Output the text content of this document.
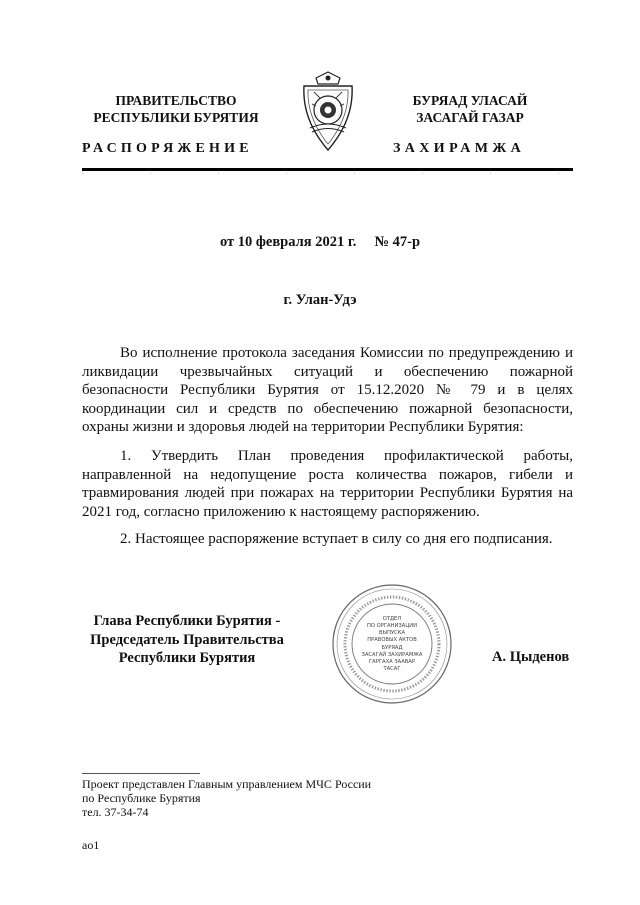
ПРАВИТЕЛЬСТВО
РЕСПУБЛИКИ БУРЯТИЯ
БУРЯАД УЛАСАЙ
ЗАСАГАЙ ГАЗАР
РАСПОРЯЖЕНИЕ	ЗАХИРАМЖА
от 10 февраля 2021 г. № 47-р
г. Улан-Удэ
Во исполнение протокола заседания Комиссии по предупреждению и ликвидации чрезвычайных ситуаций и обеспечению пожарной безопасности Республики Бурятия от 15.12.2020 № 79 и в целях координации сил и средств по обеспечению пожарной безопасности, охраны жизни и здоровья людей на территории Республики Бурятия:
1. Утвердить План проведения профилактической работы, направленной на недопущение роста количества пожаров, гибели и травмирования людей при пожарах на территории Республики Бурятия на 2021 год, согласно приложению к настоящему распоряжению.
2. Настоящее распоряжение вступает в силу со дня его подписания.
Глава Республики Бурятия -
Председатель Правительства
Республики Бурятия
ОТДЕЛ
ПО ОРГАНИЗАЦИИ
ВЫПУСКА
ПРАВОВЫХ АКТОВ
БУРЯАД
ЗАСАГАЙ ЗАХИРАМЖА
ГАРГАХА ЗААВАР
ТАСАГ
А. Цыденов
Проект представлен Главным управлением МЧС России
по Республике Бурятия
тел. 37-34-74
ао1
